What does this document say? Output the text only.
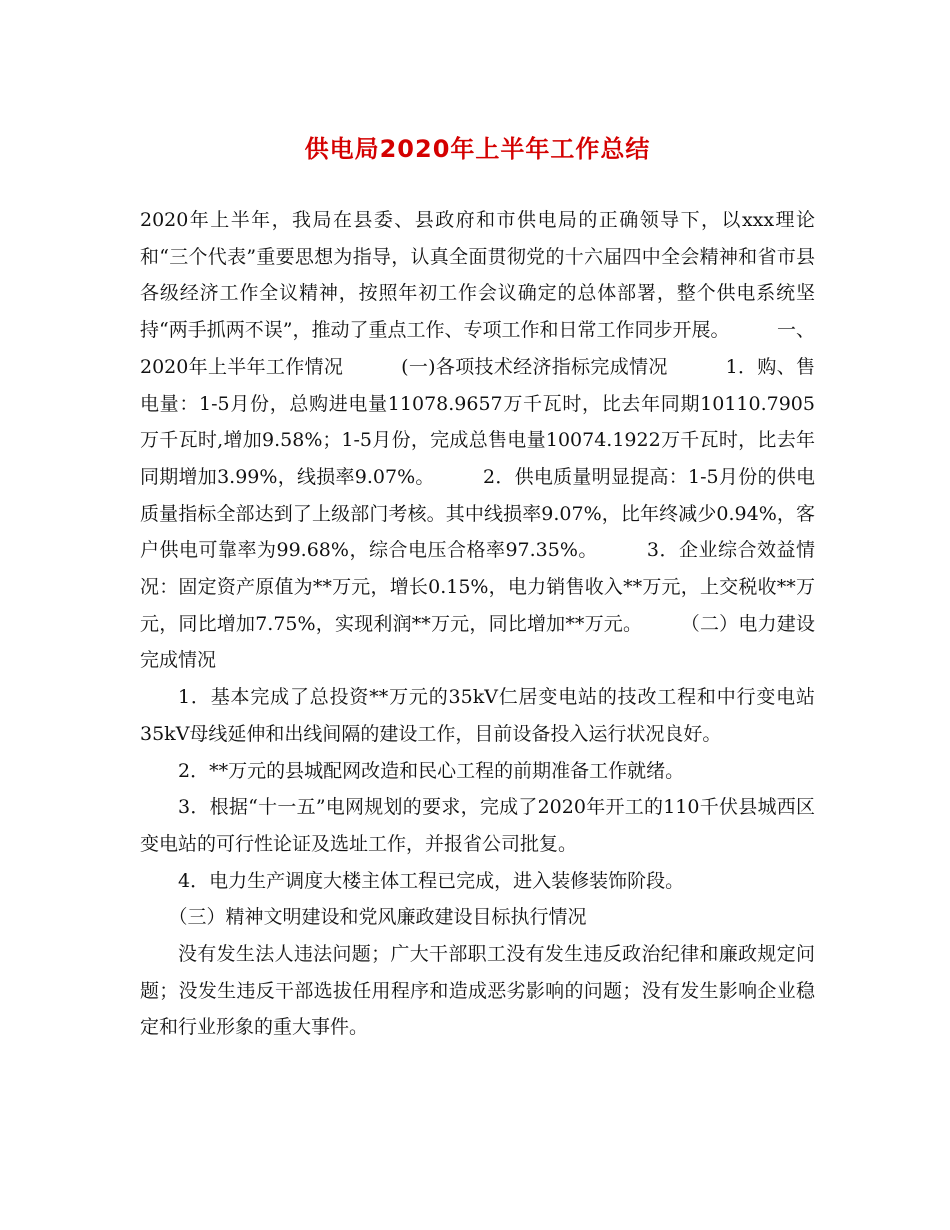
供电局2020年上半年工作总结

2020年上半年，我局在县委、县政府和市供电局的正确领导下，以xxx理论和“三个代表”重要思想为指导，认真全面贯彻党的十六届四中全会精神和省市县各级经济工作全议精神，按照年初工作会议确定的总体部署，整个供电系统坚持“两手抓两不误”，推动了重点工作、专项工作和日常工作同步开展。　　　一、2020年上半年工作情况　　　(一)各项技术经济指标完成情况　　　1．购、售电量：1-5月份，总购进电量11078.9657万千瓦时，比去年同期10110.7905万千瓦时,增加9.58%；1-5月份，完成总售电量10074.1922万千瓦时，比去年同期增加3.99%，线损率9.07%。　　　2．供电质量明显提高：1-5月份的供电质量指标全部达到了上级部门考核。其中线损率9.07%，比年终减少0.94%，客户供电可靠率为99.68%，综合电压合格率97.35%。　　　3．企业综合效益情况：固定资产原值为**万元，增长0.15%，电力销售收入**万元，上交税收**万元，同比增加7.75%，实现利润**万元，同比增加**万元。　　　（二）电力建设完成情况

1．基本完成了总投资**万元的35kV仁居变电站的技改工程和中行变电站35kV母线延伸和出线间隔的建设工作，目前设备投入运行状况良好。

2．**万元的县城配网改造和民心工程的前期准备工作就绪。

3．根据“十一五”电网规划的要求，完成了2020年开工的110千伏县城西区变电站的可行性论证及选址工作，并报省公司批复。

4．电力生产调度大楼主体工程已完成，进入装修装饰阶段。

（三）精神文明建设和党风廉政建设目标执行情况

没有发生法人违法问题；广大干部职工没有发生违反政治纪律和廉政规定问题；没发生违反干部选拔任用程序和造成恶劣影响的问题；没有发生影响企业稳定和行业形象的重大事件。
